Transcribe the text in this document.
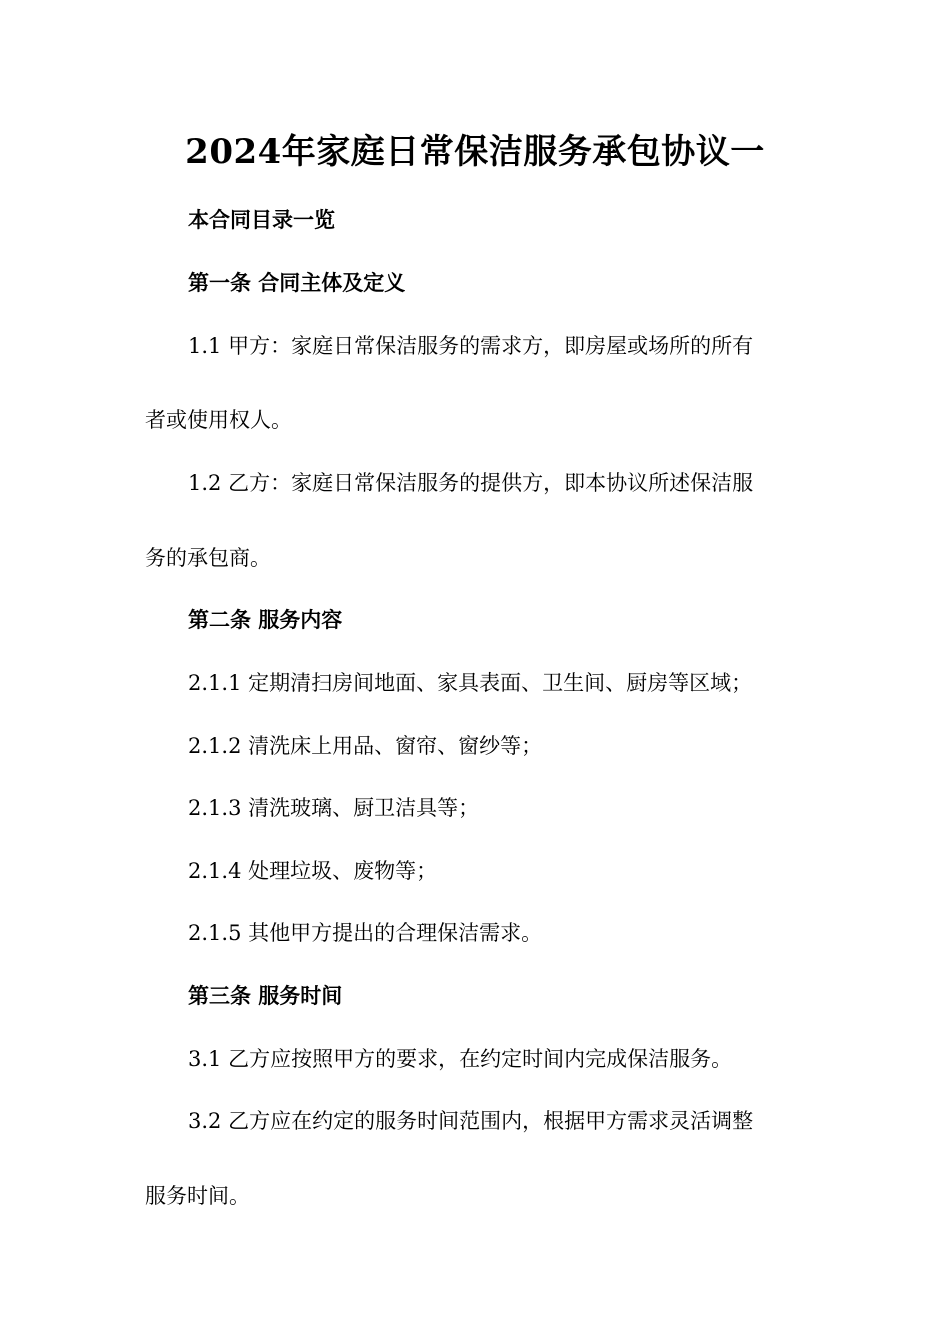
2024年家庭日常保洁服务承包协议一
本合同目录一览
第一条 合同主体及定义
1.1 甲方：家庭日常保洁服务的需求方，即房屋或场所的所有
者或使用权人。
1.2 乙方：家庭日常保洁服务的提供方，即本协议所述保洁服
务的承包商。
第二条 服务内容
2.1.1 定期清扫房间地面、家具表面、卫生间、厨房等区域；
2.1.2 清洗床上用品、窗帘、窗纱等；
2.1.3 清洗玻璃、厨卫洁具等；
2.1.4 处理垃圾、废物等；
2.1.5 其他甲方提出的合理保洁需求。
第三条 服务时间
3.1 乙方应按照甲方的要求，在约定时间内完成保洁服务。
3.2 乙方应在约定的服务时间范围内，根据甲方需求灵活调整
服务时间。
